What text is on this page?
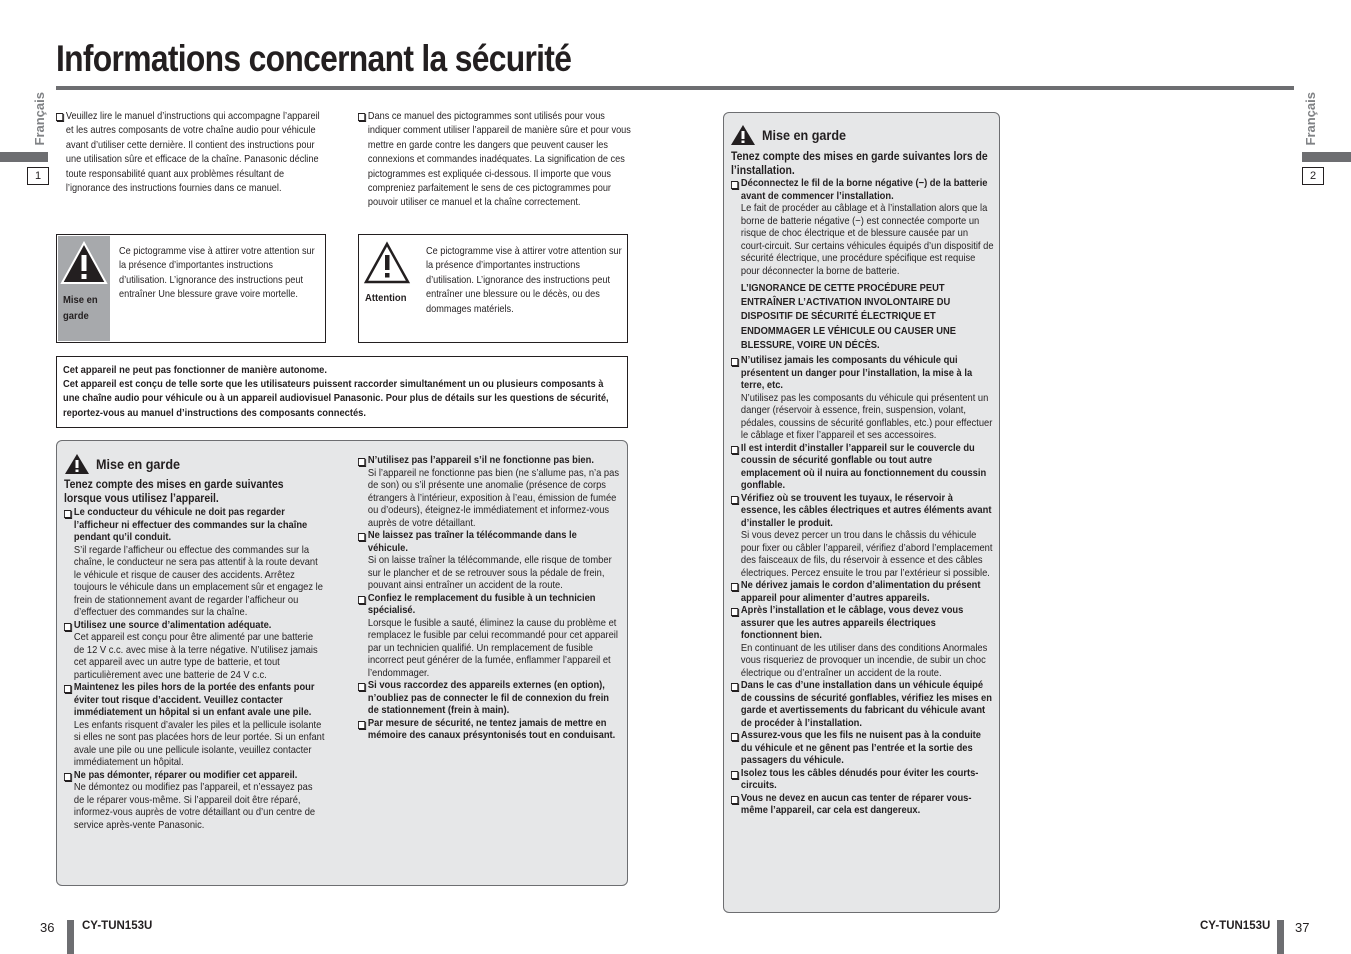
Informations concernant la sécurité
Français
1
Français
2
Veuillez lire le manuel d’instructions qui accompagne l’appareil et les autres composants de votre chaîne audio pour véhicule avant d’utiliser cette dernière. Il contient des instructions pour une utilisation sûre et efficace de la chaîne. Panasonic décline toute responsabilité quant aux problèmes résultant de l’ignorance des instructions fournies dans ce manuel.
Dans ce manuel des pictogrammes sont utilisés pour vous indiquer comment utiliser l’appareil de manière sûre et pour vous mettre en garde contre les dangers que peuvent causer les connexions et commandes inadéquates. La signification de ces pictogrammes est expliquée ci-dessous. Il importe que vous compreniez parfaitement le sens de ces pictogrammes pour pouvoir utiliser ce manuel et la chaîne correctement.
Mise en garde
Ce pictogramme vise à attirer votre attention sur la présence d’importantes instructions d’utilisation. L’ignorance des instructions peut entraîner Une blessure grave voire mortelle.	Attention
Ce pictogramme vise à attirer votre attention sur la présence d’importantes instructions d’utilisation. L’ignorance des instructions peut entraîner une blessure ou le décès, ou des dommages matériels.
Cet appareil ne peut pas fonctionner de manière autonome.
Cet appareil est conçu de telle sorte que les utilisateurs puissent raccorder simultanément un ou plusieurs composants à une chaîne audio pour véhicule ou à un appareil audiovisuel Panasonic. Pour plus de détails sur les questions de sécurité, reportez-vous au manuel d’instructions des composants connectés.
Mise en garde
Tenez compte des mises en garde suivantes lorsque vous utilisez l’appareil.
Le conducteur du véhicule ne doit pas regarder l’afficheur ni effectuer des commandes sur la chaîne pendant qu’il conduit.
S’il regarde l’afficheur ou effectue des commandes sur la chaîne, le conducteur ne sera pas attentif à la route devant le véhicule et risque de causer des accidents. Arrêtez toujours le véhicule dans un emplacement sûr et engagez le frein de stationnement avant de regarder l’afficheur ou d’effectuer des commandes sur la chaîne.
Utilisez une source d’alimentation adéquate.
Cet appareil est conçu pour être alimenté par une batterie de 12 V c.c. avec mise à la terre négative. N’utilisez jamais cet appareil avec un autre type de batterie, et tout particulièrement avec une batterie de 24 V c.c.
Maintenez les piles hors de la portée des enfants pour éviter tout risque d’accident. Veuillez contacter immédiatement un hôpital si un enfant avale une pile.
Les enfants risquent d’avaler les piles et la pellicule isolante si elles ne sont pas placées hors de leur portée. Si un enfant avale une pile ou une pellicule isolante, veuillez contacter immédiatement un hôpital.
Ne pas démonter, réparer ou modifier cet appareil.
Ne démontez ou modifiez pas l’appareil, et n’essayez pas de le réparer vous-même. Si l’appareil doit être réparé, informez-vous auprès de votre détaillant ou d’un centre de service après-vente Panasonic.
N’utilisez pas l’appareil s’il ne fonctionne pas bien.
Si l’appareil ne fonctionne pas bien (ne s’allume pas, n’a pas de son) ou s’il présente une anomalie (présence de corps étrangers à l’intérieur, exposition à l’eau, émission de fumée ou d’odeurs), éteignez-le immédiatement et informez-vous auprès de votre détaillant.
Ne laissez pas traîner la télécommande dans le véhicule.
Si on laisse traîner la télécommande, elle risque de tomber sur le plancher et de se retrouver sous la pédale de frein, pouvant ainsi entraîner un accident de la route.
Confiez le remplacement du fusible à un technicien spécialisé.
Lorsque le fusible a sauté, éliminez la cause du problème et remplacez le fusible par celui recommandé pour cet appareil par un technicien qualifié. Un remplacement de fusible incorrect peut générer de la fumée, enflammer l’appareil et l’endommager.
Si vous raccordez des appareils externes (en option), n’oubliez pas de connecter le fil de connexion du frein de stationnement (frein à main).
Par mesure de sécurité, ne tentez jamais de mettre en mémoire des canaux présyntonisés tout en conduisant.
Mise en garde
Tenez compte des mises en garde suivantes lors de l’installation.
Déconnectez le fil de la borne négative (−) de la batterie avant de commencer l’installation.
Le fait de procéder au câblage et à l’installation alors que la borne de batterie négative (−) est connectée comporte un risque de choc électrique et de blessure causée par un court-circuit. Sur certains véhicules équipés d’un dispositif de sécurité électrique, une procédure spécifique est requise pour déconnecter la borne de batterie.
L’IGNORANCE DE CETTE PROCÉDURE PEUT ENTRAÎNER L’ACTIVATION INVOLONTAIRE DU DISPOSITIF DE SÉCURITÉ ÉLECTRIQUE ET ENDOMMAGER LE VÉHICULE OU CAUSER UNE BLESSURE, VOIRE UN DÉCÈS.
N’utilisez jamais les composants du véhicule qui présentent un danger pour l’installation, la mise à la terre, etc.
N’utilisez pas les composants du véhicule qui présentent un danger (réservoir à essence, frein, suspension, volant, pédales, coussins de sécurité gonflables, etc.) pour effectuer le câblage et fixer l’appareil et ses accessoires.
Il est interdit d’installer l’appareil sur le couvercle du coussin de sécurité gonflable ou tout autre emplacement où il nuira au fonctionnement du coussin gonflable.
Vérifiez où se trouvent les tuyaux, le réservoir à essence, les câbles électriques et autres éléments avant d’installer le produit.
Si vous devez percer un trou dans le châssis du véhicule pour fixer ou câbler l’appareil, vérifiez d’abord l’emplacement des faisceaux de fils, du réservoir à essence et des câbles électriques. Percez ensuite le trou par l’extérieur si possible.
Ne dérivez jamais le cordon d’alimentation du présent appareil pour alimenter d’autres appareils.
Après l’installation et le câblage, vous devez vous assurer que les autres appareils électriques fonctionnent bien.
En continuant de les utiliser dans des conditions Anormales vous risqueriez de provoquer un incendie, de subir un choc électrique ou d’entraîner un accident de la route.
Dans le cas d’une installation dans un véhicule équipé de coussins de sécurité gonflables, vérifiez les mises en garde et avertissements du fabricant du véhicule avant de procéder à l’installation.
Assurez-vous que les fils ne nuisent pas à la conduite du véhicule et ne gênent pas l’entrée et la sortie des passagers du véhicule.
Isolez tous les câbles dénudés pour éviter les courts-circuits.
Vous ne devez en aucun cas tenter de réparer vous-même l’appareil, car cela est dangereux.
36 CY-TUN153U	CY-TUN153U 37
